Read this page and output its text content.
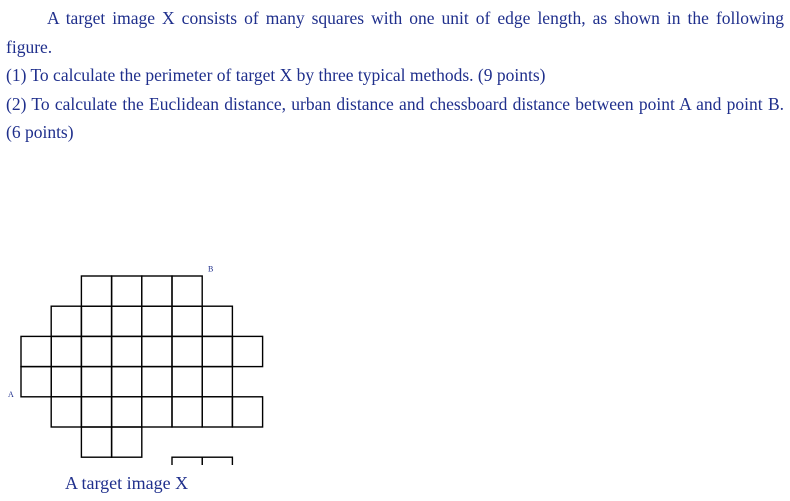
A target image X consists of many squares with one unit of edge length, as shown in the following figure.

(1) To calculate the perimeter of target X by three typical methods. (9 points)

(2) To calculate the Euclidean distance, urban distance and chessboard distance between point A and point B. (6 points)

B
A
A target image X
